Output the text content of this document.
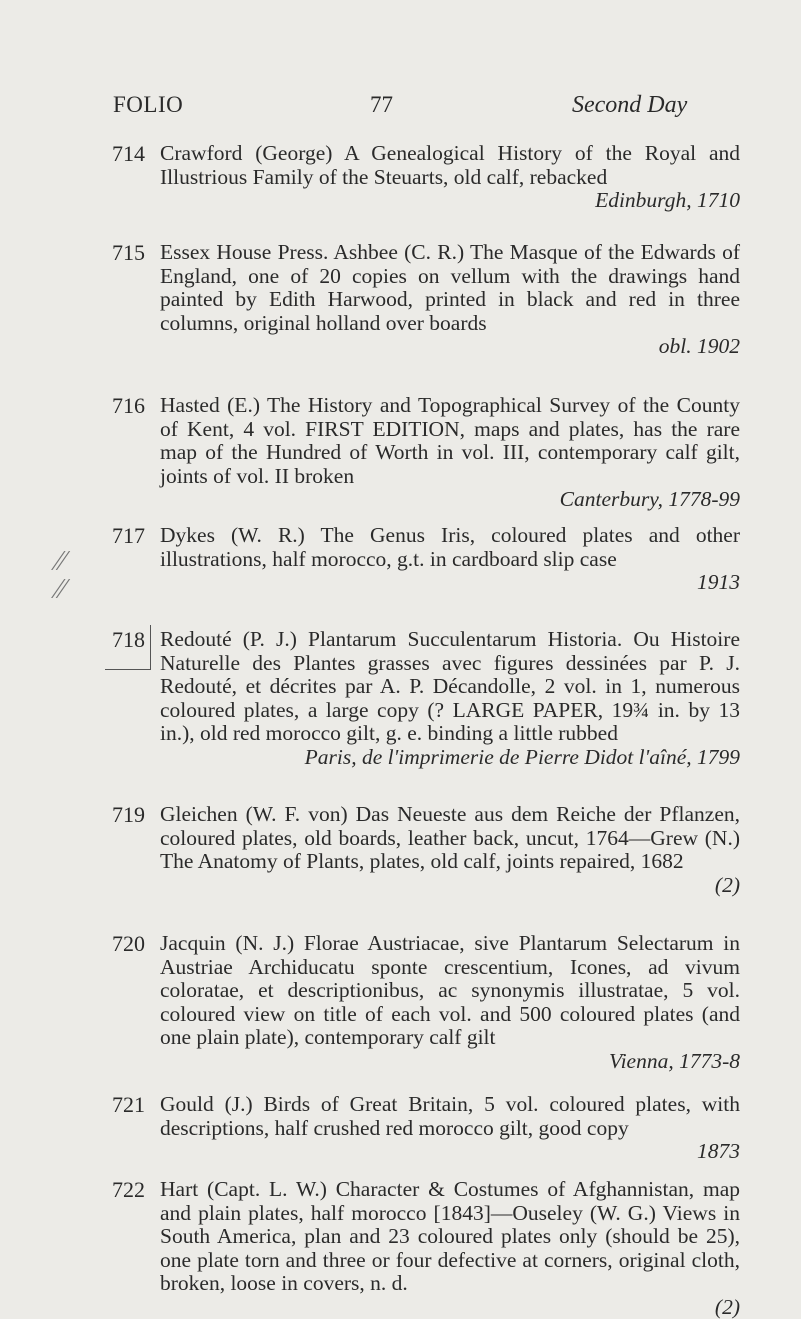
FOLIO	77	Second Day
⁄⁄
⁄⁄
714 Crawford (George) A Genealogical History of the Royal and Illustrious Family of the Steuarts, old calf, rebacked

Edinburgh, 1710
715 Essex House Press. Ashbee (C. R.) The Masque of the Edwards of England, one of 20 copies on vellum with the drawings hand painted by Edith Harwood, printed in black and red in three columns, original holland over boards

obl. 1902
716 Hasted (E.) The History and Topographical Survey of the County of Kent, 4 vol. FIRST EDITION, maps and plates, has the rare map of the Hundred of Worth in vol. III, contemporary calf gilt, joints of vol. II broken

Canterbury, 1778-99
717 Dykes (W. R.) The Genus Iris, coloured plates and other illustrations, half morocco, g.t. in cardboard slip case

1913
718 Redouté (P. J.) Plantarum Succulentarum Historia. Ou Histoire Naturelle des Plantes grasses avec figures dessinées par P. J. Redouté, et décrites par A. P. Décandolle, 2 vol. in 1, numerous coloured plates, a large copy (? LARGE PAPER, 19¾ in. by 13 in.), old red morocco gilt, g. e. binding a little rubbed

Paris, de l'imprimerie de Pierre Didot l'aîné, 1799
719 Gleichen (W. F. von) Das Neueste aus dem Reiche der Pflanzen, coloured plates, old boards, leather back, uncut, 1764—Grew (N.) The Anatomy of Plants, plates, old calf, joints repaired, 1682

(2)
720 Jacquin (N. J.) Florae Austriacae, sive Plantarum Selectarum in Austriae Archiducatu sponte crescentium, Icones, ad vivum coloratae, et descriptionibus, ac synonymis illustratae, 5 vol. coloured view on title of each vol. and 500 coloured plates (and one plain plate), contemporary calf gilt

Vienna, 1773-8
721 Gould (J.) Birds of Great Britain, 5 vol. coloured plates, with descriptions, half crushed red morocco gilt, good copy

1873
722 Hart (Capt. L. W.) Character & Costumes of Afghannistan, map and plain plates, half morocco [1843]—Ouseley (W. G.) Views in South America, plan and 23 coloured plates only (should be 25), one plate torn and three or four defective at corners, original cloth, broken, loose in covers, n. d.

(2)
